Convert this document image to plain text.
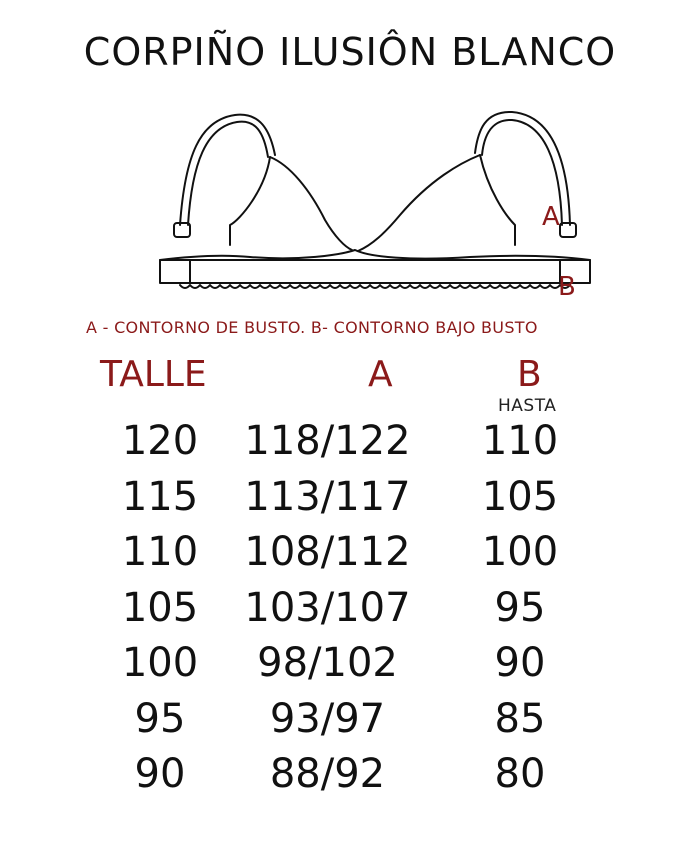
CORPIÑO ILUSIÔN BLANCO
A
B
A - CONTORNO DE BUSTO. B- CONTORNO BAJO BUSTO
TALLE	A	B
HASTA
120	118/122	110
115	113/117	105
110	108/112	100
105	103/107	95
100	98/102	90
95	93/97	85
90	88/92	80
